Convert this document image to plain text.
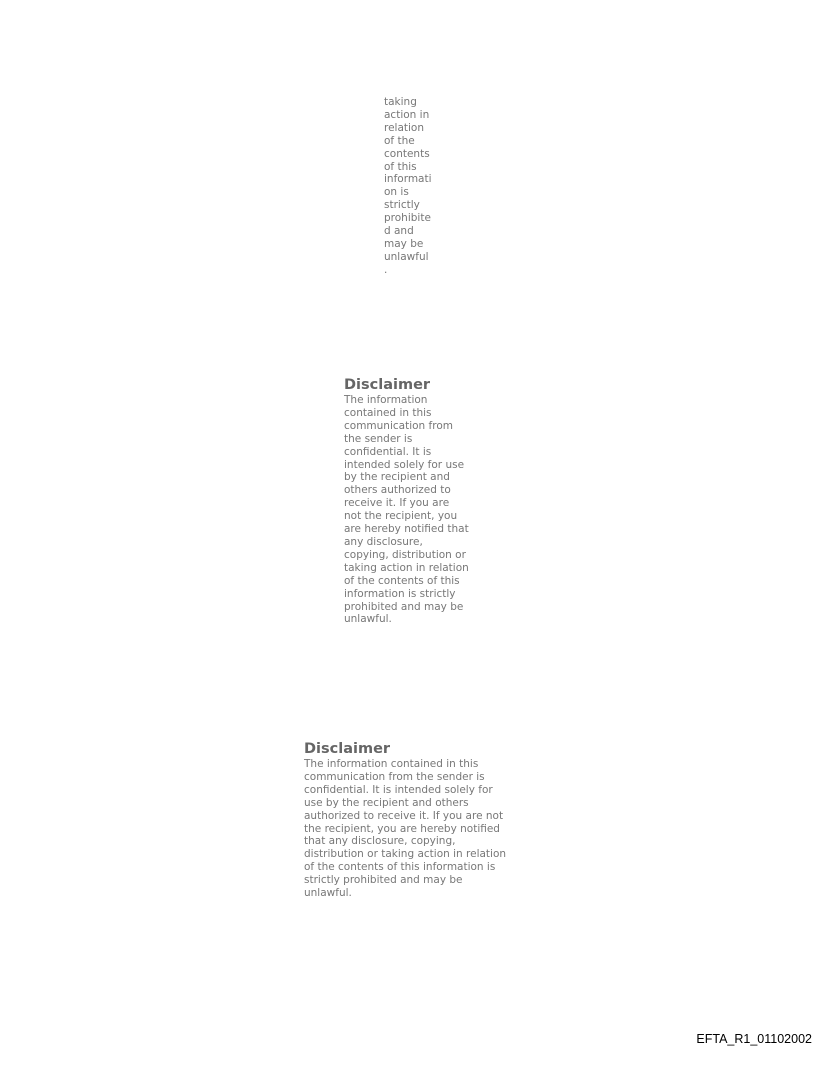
taking
action in
relation
of the
contents
of this
informati
on is
strictly
prohibite
d and
may be
unlawful
.
Disclaimer
The information
contained in this
communication from
the sender is
confidential. It is
intended solely for use
by the recipient and
others authorized to
receive it. If you are
not the recipient, you
are hereby notified that
any disclosure,
copying, distribution or
taking action in relation
of the contents of this
information is strictly
prohibited and may be
unlawful.
Disclaimer
The information contained in this
communication from the sender is
confidential. It is intended solely for
use by the recipient and others
authorized to receive it. If you are not
the recipient, you are hereby notified
that any disclosure, copying,
distribution or taking action in relation
of the contents of this information is
strictly prohibited and may be
unlawful.
EFTA_R1_01102002
